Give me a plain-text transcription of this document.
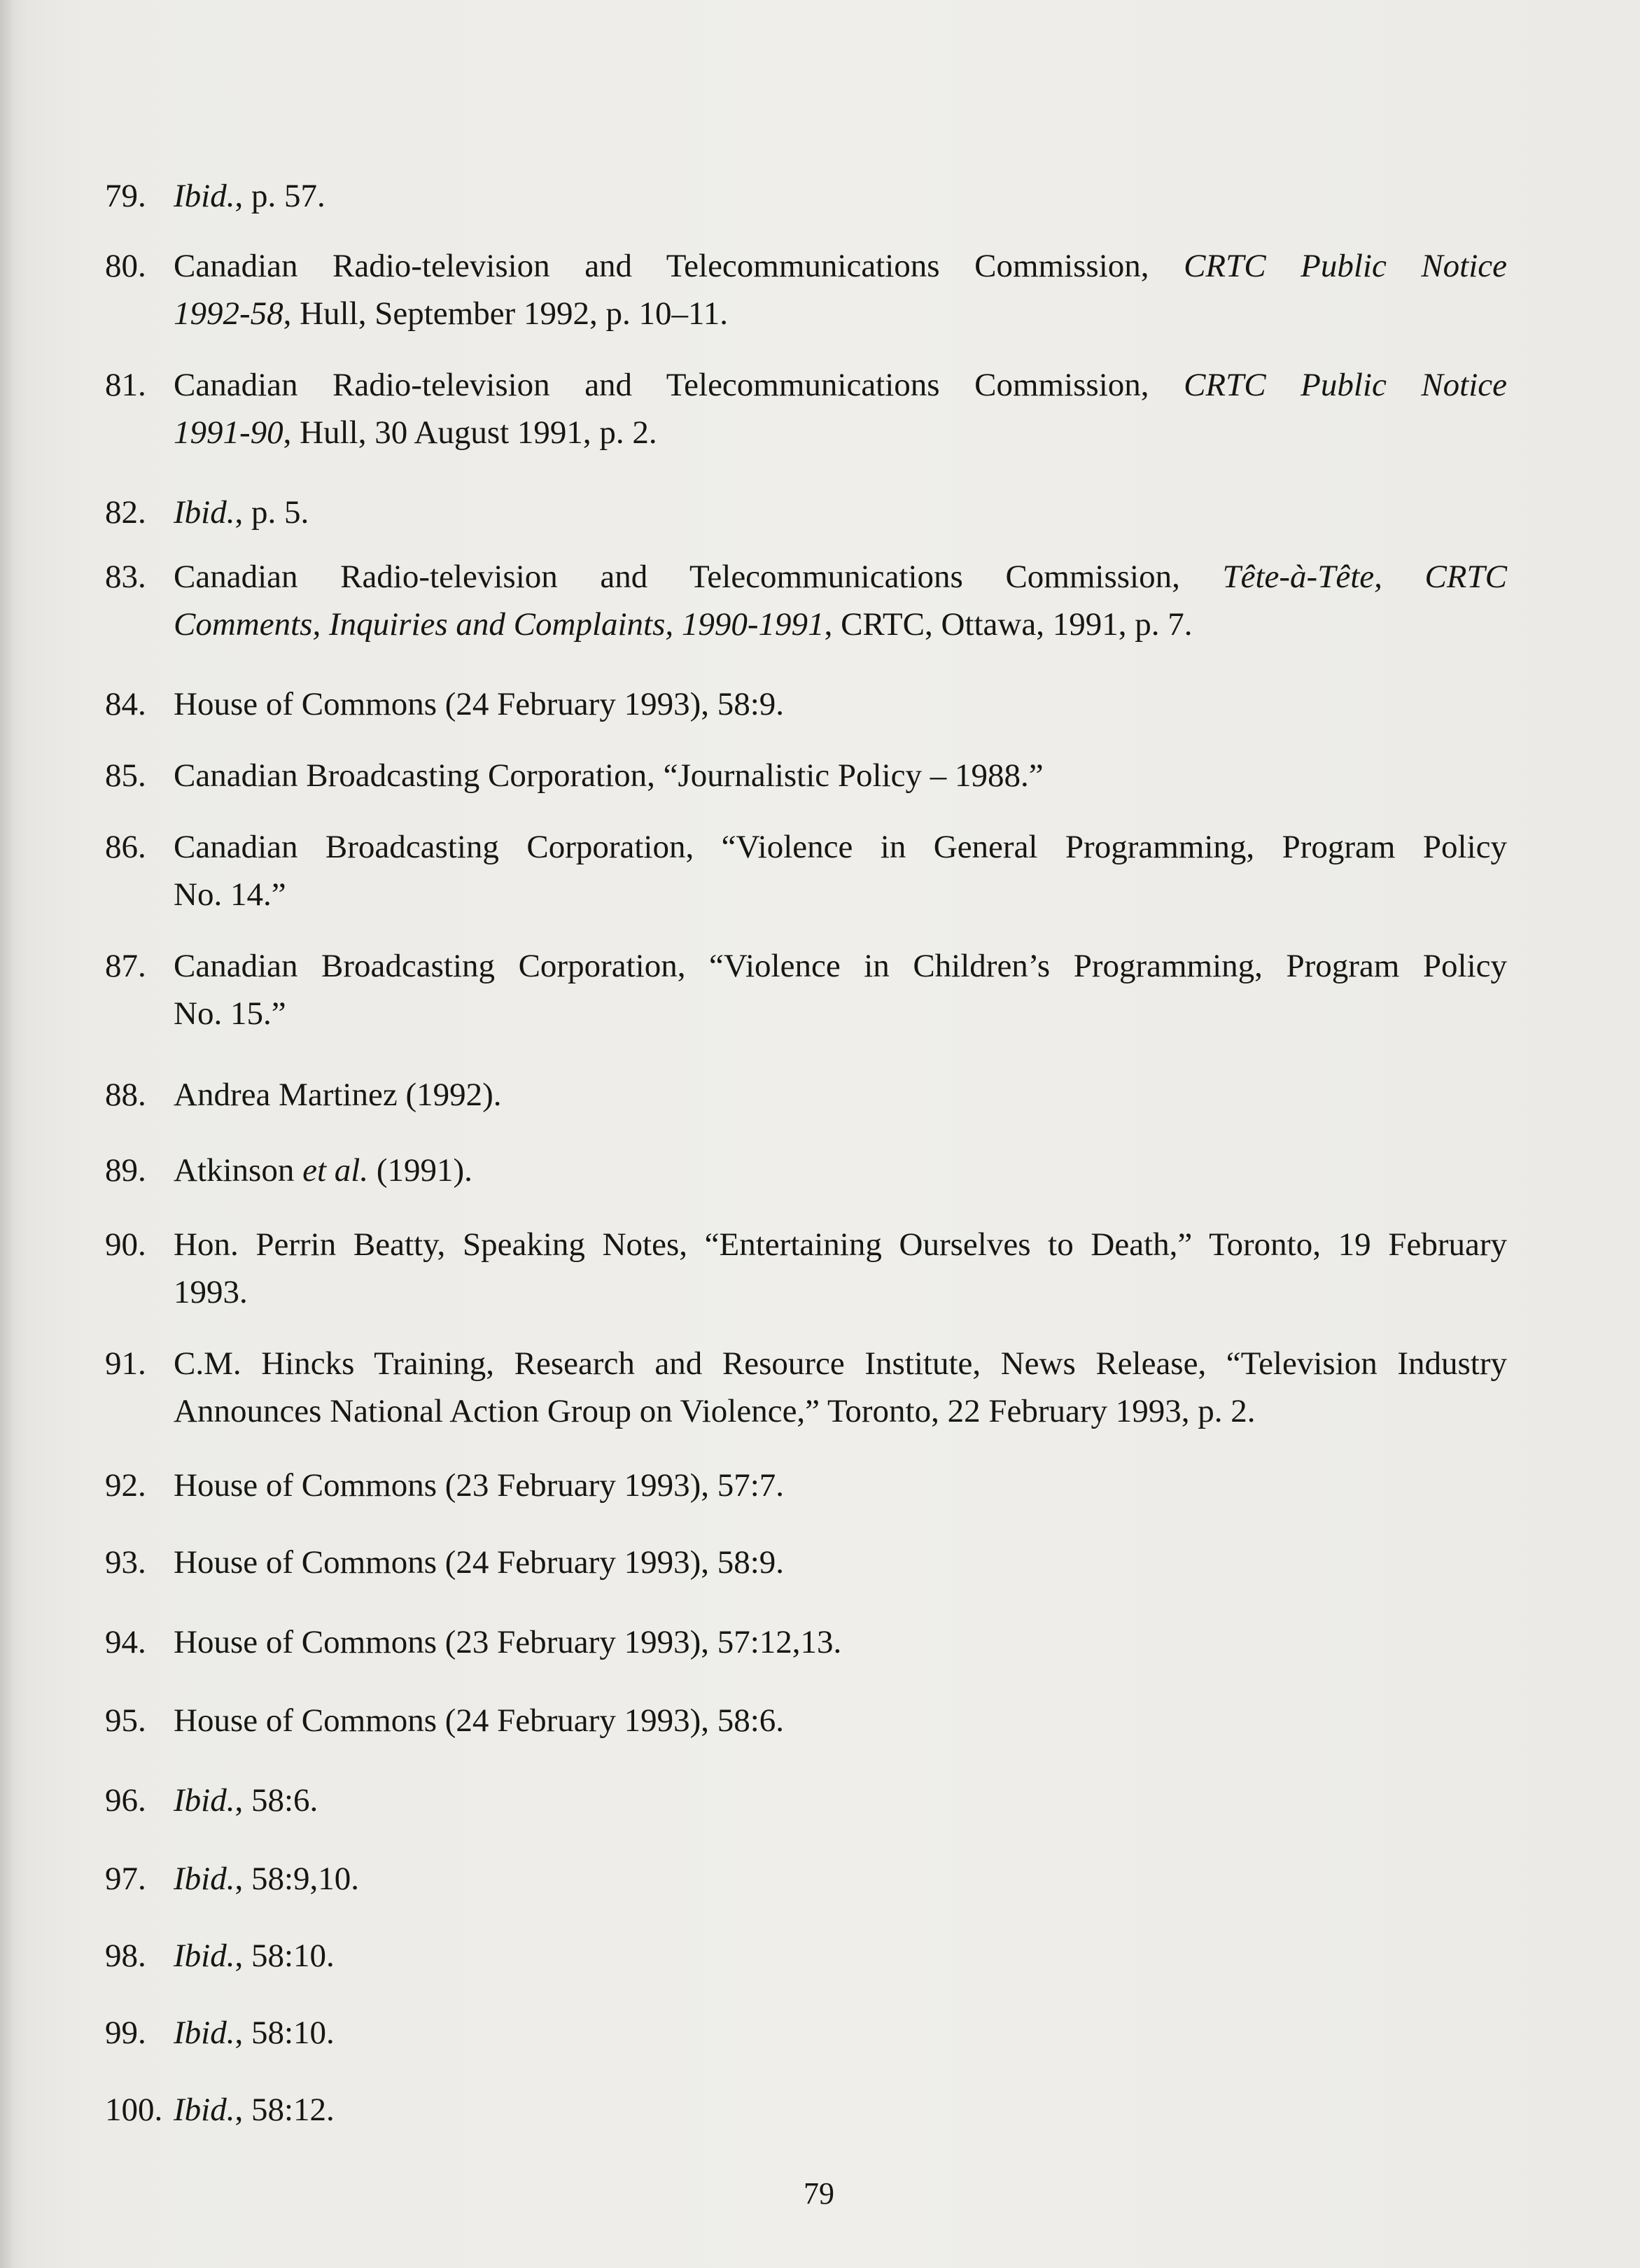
79. Ibid., p. 57.
80. Canadian Radio-television and Telecommunications Commission, CRTC Public Notice
1992-58, Hull, September 1992, p. 10–11.
81. Canadian Radio-television and Telecommunications Commission, CRTC Public Notice
1991-90, Hull, 30 August 1991, p. 2.
82. Ibid., p. 5.
83. Canadian Radio-television and Telecommunications Commission, Tête-à-Tête, CRTC
Comments, Inquiries and Complaints, 1990-1991, CRTC, Ottawa, 1991, p. 7.
84. House of Commons (24 February 1993), 58:9.
85. Canadian Broadcasting Corporation, “Journalistic Policy – 1988.”
86. Canadian Broadcasting Corporation, “Violence in General Programming, Program Policy
No. 14.”
87. Canadian Broadcasting Corporation, “Violence in Children’s Programming, Program Policy
No. 15.”
88. Andrea Martinez (1992).
89. Atkinson et al. (1991).
90. Hon. Perrin Beatty, Speaking Notes, “Entertaining Ourselves to Death,” Toronto, 19 February
1993.
91. C.M. Hincks Training, Research and Resource Institute, News Release, “Television Industry
Announces National Action Group on Violence,” Toronto, 22 February 1993, p. 2.
92. House of Commons (23 February 1993), 57:7.
93. House of Commons (24 February 1993), 58:9.
94. House of Commons (23 February 1993), 57:12,13.
95. House of Commons (24 February 1993), 58:6.
96. Ibid., 58:6.
97. Ibid., 58:9,10.
98. Ibid., 58:10.
99. Ibid., 58:10.
100. Ibid., 58:12.
79
